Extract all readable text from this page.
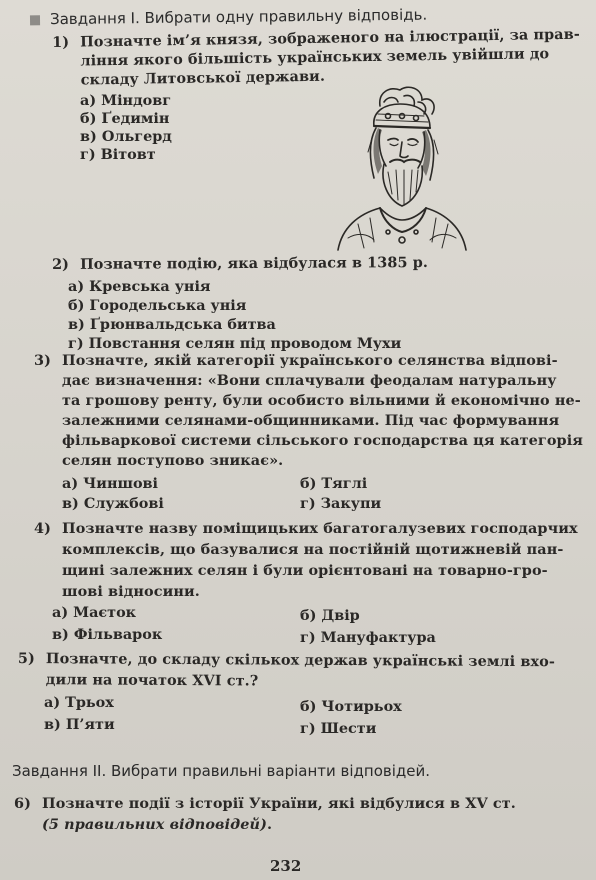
Завдання I. Вибрати одну правильну відповідь.
1) Позначте ім’я князя, зображеного на ілюстрації, за прав-
ління якого більшість українських земель увійшли до
складу Литовської держави.
а) Міндовг
б) Ґедимін
в) Ольгерд
г) Вітовт
2) Позначте подію, яка відбулася в 1385 р.
а) Кревська унія
б) Городельська унія
в) Ґрюнвальдська битва
г) Повстання селян під проводом Мухи
3) Позначте, якій категорії українського селянства відпові-
дає визначення: «Вони сплачували феодалам натуральну
та грошову ренту, були особисто вільними й економічно не-
залежними селянами-общинниками. Під час формування
фільваркової системи сільського господарства ця категорія
селян поступово зникає».
а) Чиншові	б) Тяглі
в) Службові	г) Закупи
4) Позначте назву поміщицьких багатогалузевих господарчих
комплексів, що базувалися на постійній щотижневій пан-
щині залежних селян і були орієнтовані на товарно-гро-
шові відносини.
а) Маєток	б) Двір
в) Фільварок	г) Мануфактура
5) Позначте, до складу скількох держав українські землі вхо-
дили на початок XVI ст.?
а) Трьох	б) Чотирьох
в) П’яти	г) Шести
Завдання II. Вибрати правильні варіанти відповідей.
6) Позначте події з історії України, які відбулися в XV ст.
(5 правильних відповідей).
232
